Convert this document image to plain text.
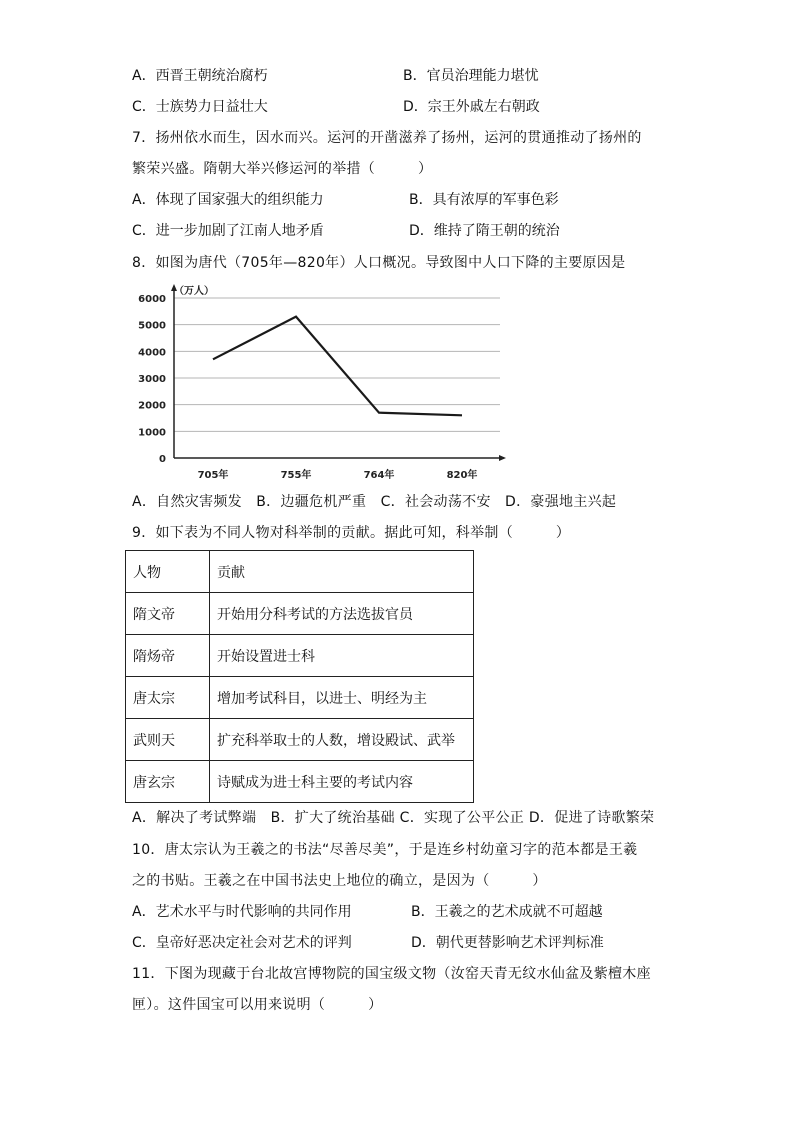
A．西晋王朝统治腐朽	B．官员治理能力堪忧
C．士族势力日益壮大	D．宗王外戚左右朝政
7．扬州依水而生，因水而兴。运河的开凿滋养了扬州，运河的贯通推动了扬州的
繁荣兴盛。隋朝大举兴修运河的举措（　　　）
A．体现了国家强大的组织能力	B．具有浓厚的军事色彩
C．进一步加剧了江南人地矛盾	D．维持了隋王朝的统治
8．如图为唐代（705年—820年）人口概况。导致图中人口下降的主要原因是
0
1000
2000
3000
4000
5000
6000
705年	755年	764年	820年
（万人）
A．自然灾害频发　B．边疆危机严重　C．社会动荡不安　D．豪强地主兴起
9．如下表为不同人物对科举制的贡献。据此可知，科举制（　　　）
人物	贡献
隋文帝	开始用分科考试的方法选拔官员
隋炀帝	开始设置进士科
唐太宗	增加考试科目，以进士、明经为主
武则天	扩充科举取士的人数，增设殿试、武举
唐玄宗	诗赋成为进士科主要的考试内容
A．解决了考试弊端　B．扩大了统治基础 C．实现了公平公正 D．促进了诗歌繁荣
10．唐太宗认为王羲之的书法“尽善尽美”，于是连乡村幼童习字的范本都是王羲
之的书贴。王羲之在中国书法史上地位的确立，是因为（　　　）
A．艺术水平与时代影响的共同作用	B．王羲之的艺术成就不可超越
C．皇帝好恶决定社会对艺术的评判	D．朝代更替影响艺术评判标准
11．下图为现藏于台北故宫博物院的国宝级文物（汝窑天青无纹水仙盆及紫檀木座
匣）。这件国宝可以用来说明（　　　）
